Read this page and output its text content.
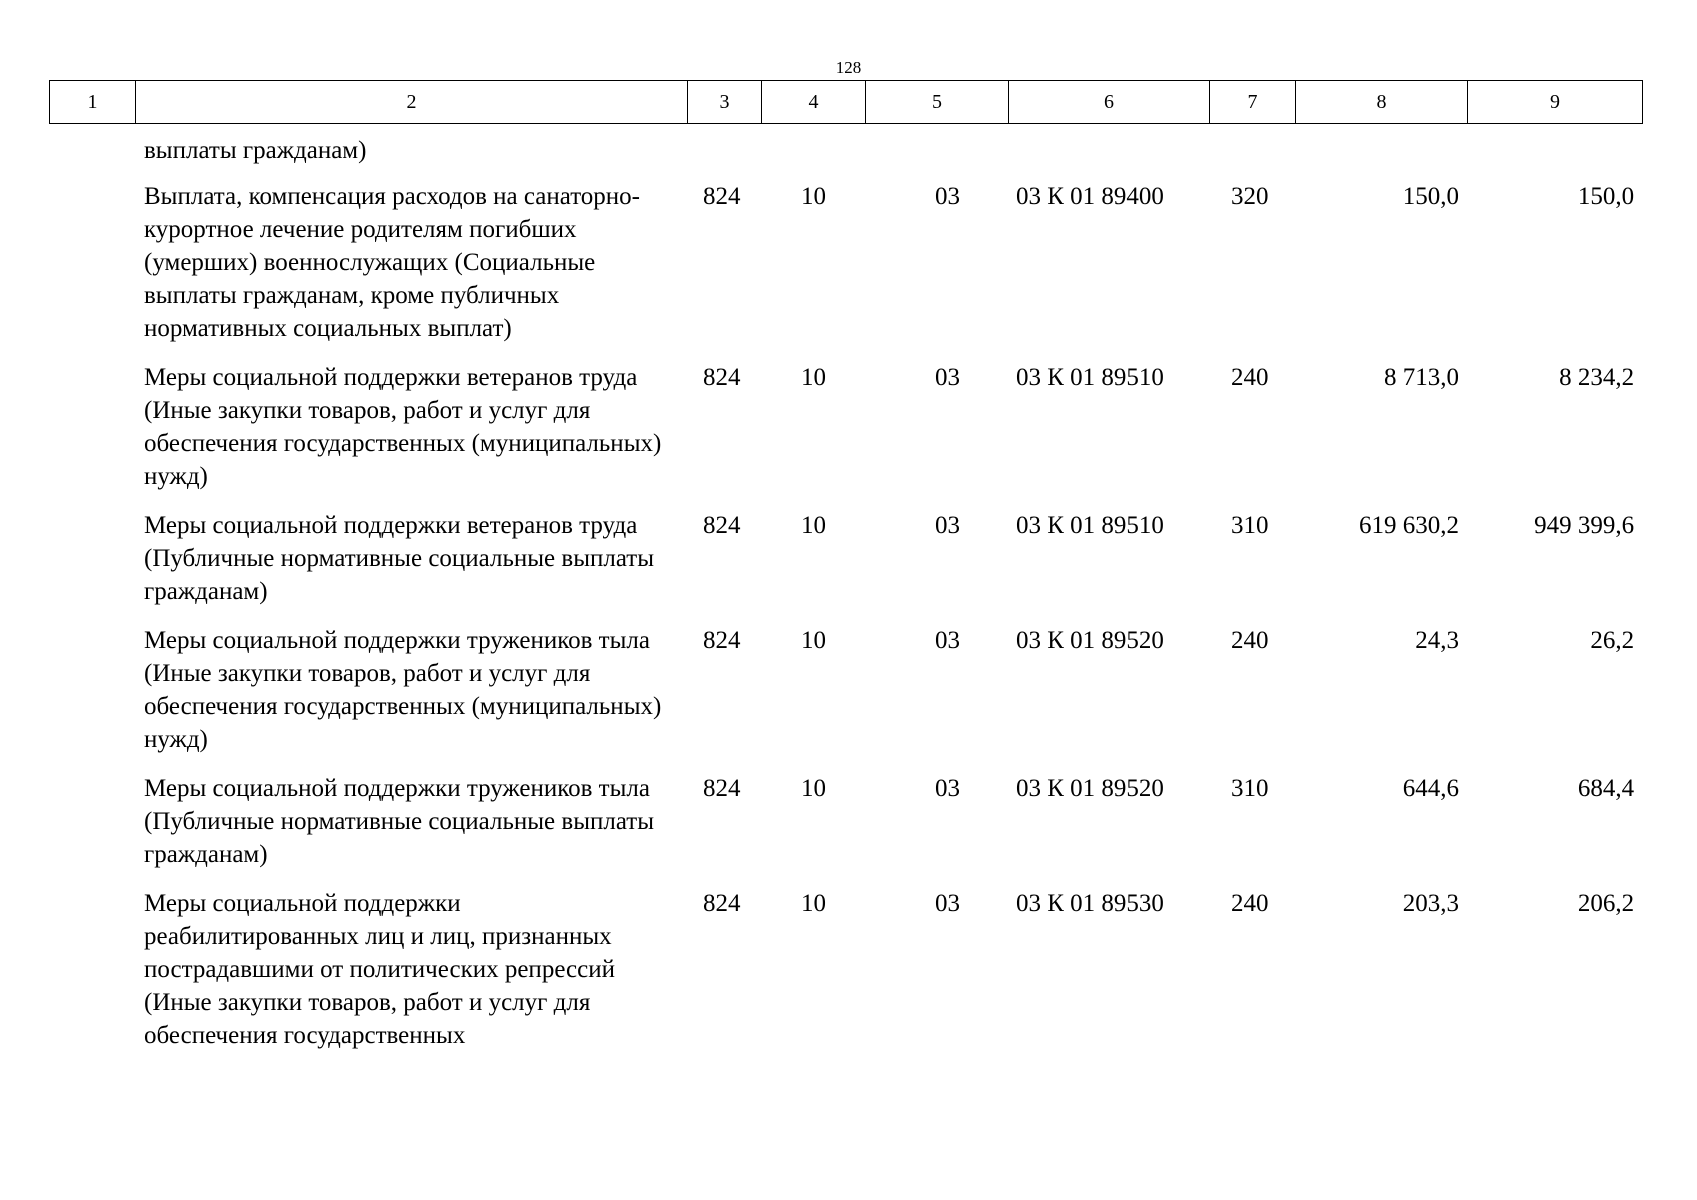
128
1	2	3	4	5	6	7	8	9
выплаты гражданам)							
Выплата, компенсация расходов на санаторно-курортное лечение родителям погибших (умерших) военнослужащих (Социальные выплаты гражданам, кроме публичных нормативных социальных выплат)	824	10	03	03 К 01 89400	320	150,0	150,0
Меры социальной поддержки ветеранов труда (Иные закупки товаров, работ и услуг для обеспечения государственных (муниципальных) нужд)	824	10	03	03 К 01 89510	240	8 713,0	8 234,2
Меры социальной поддержки ветеранов труда (Публичные нормативные социальные выплаты гражданам)	824	10	03	03 К 01 89510	310	619 630,2	949 399,6
Меры социальной поддержки тружеников тыла (Иные закупки товаров, работ и услуг для обеспечения государственных (муниципальных) нужд)	824	10	03	03 К 01 89520	240	24,3	26,2
Меры социальной поддержки тружеников тыла (Публичные нормативные социальные выплаты гражданам)	824	10	03	03 К 01 89520	310	644,6	684,4
Меры социальной поддержки реабилитированных лиц и лиц, признанных пострадавшими от политических репрессий (Иные закупки товаров, работ и услуг для обеспечения государственных	824	10	03	03 К 01 89530	240	203,3	206,2
